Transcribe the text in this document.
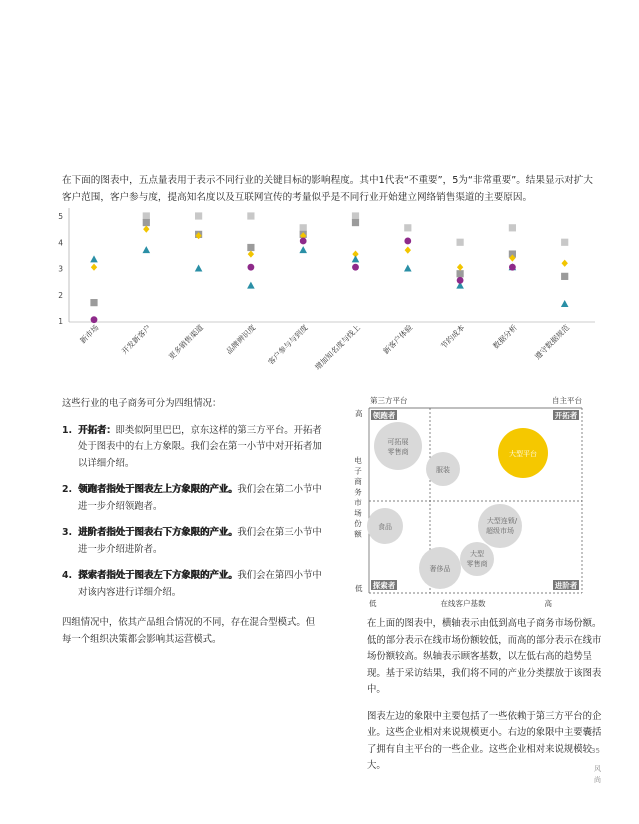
在下面的图表中，五点量表用于表示不同行业的关键目标的影响程度。其中1代表“不重要”，5为“非常重要”。结果显示对扩大客户范围，客户参与度，提高知名度以及互联网宣传的考量似乎是不同行业开始建立网络销售渠道的主要原因。
1
2
3
4
5
新市场	开发新客户 更多销售渠道	品牌辨识度 客户参与与到度 增加知名度与线上	新客户体验	节约成本	数据分析 遵守数据规范

这些行业的电子商务可分为四组情况：

1. 开拓者：即类似阿里巴巴，京东这样的第三方平台。开拓者处于图表中的右上方象限。我们会在第一小节中对开拓者加以详细介绍。
2. 领跑者指处于图表左上方象限的产业。我们会在第二小节中进一步介绍领跑者。
3. 进阶者指处于图表右下方象限的产业。我们会在第三小节中进一步介绍进阶者。
4. 探索者指处于图表左下方象限的产业。我们会在第四小节中对该内容进行详细介绍。

四组情况中，依其产品组合情况的不同，存在混合型模式。但每一个组织决策都会影响其运营模式。

第三方平台	自主平台
高
低
电子商务市场份额
低	在线客户基数	高
领跑者	开拓者
探索者	进阶者
可拓展
零售商
服装
大型平台
食品
大型连锁/
超级市场
大型
零售商
奢侈品

在上面的图表中，横轴表示由低到高电子商务市场份额。低的部分表示在线市场份额较低，而高的部分表示在线市场份额较高。纵轴表示顾客基数，以左低右高的趋势呈现。基于采访结果，我们将不同的产业分类摆放于该图表中。

图表左边的象限中主要包括了一些依赖于第三方平台的企业。这些企业相对来说规模更小。右边的象限中主要囊括了拥有自主平台的一些企业。这些企业相对来说规模较大。

35
风
尚
